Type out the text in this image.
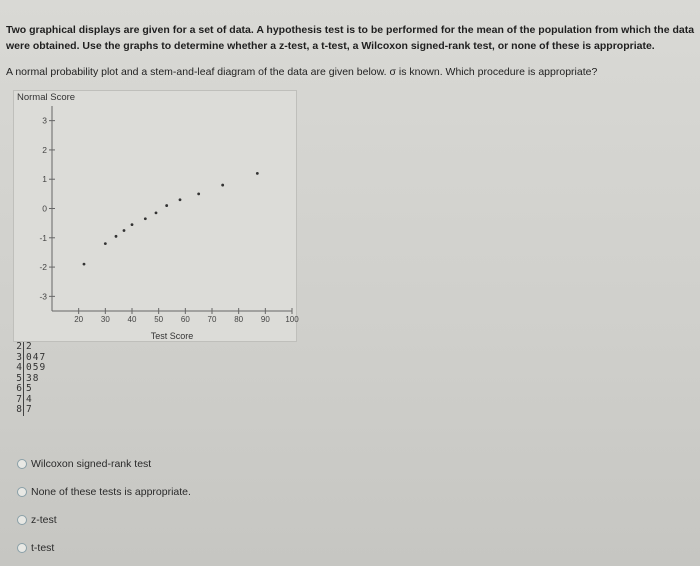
Two graphical displays are given for a set of data. A hypothesis test is to be performed for the mean of the population from which the data were obtained. Use the graphs to determine whether a z-test, a t-test, a Wilcoxon signed-rank test, or none of these is appropriate.
A normal probability plot and a stem-and-leaf diagram of the data are given below. σ is known. Which procedure is appropriate?
Normal Score
3
2
1
0
-1
-2
-3
20 30 40 50 60 70 80 90 100
Test Score
2 2
3 047
4 059
5 38
6 5
7 4
8 7
Wilcoxon signed-rank test
None of these tests is appropriate.
z-test
t-test
